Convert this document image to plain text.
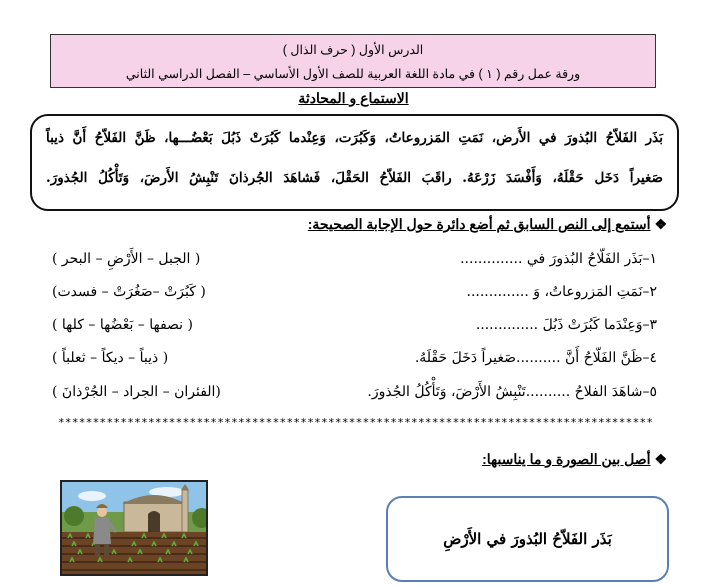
الدرس الأول ( حرف الذال )
ورقة عمل رقم ( ١ ) في مادة اللغة العربية للصف الأول الأساسي – الفصل الدراسي الثاني
الاستماع و المحادثة
بَذَر الفَلاّحُ البُذورَ في الأَرض، نَمَتِ المَزروعاتُ، وَكَبُرَت، وَعِنْدما كَبُرَتْ ذَبُلَ بَعْضُـــها، ظَنَّ الفَلاّحُ أَنَّ ذيباً
صَغيراً دَخَل حَقْلَهُ، وَأَفْسَدَ زَرْعَهُ. راقَبَ الفَلاّحُ الحَقْلَ، فَشاهَدَ الجُرذانَ تَنْبِشُ الأَرضَ، وَتَأْكُلُ الجُذورَ.
❖ أستمع إلى النص السابق ثم أضع دائرة حول الإجابة الصحيحة:
١–بَذَر الفَلّاحُ البُذورَ في ..............
( الجبل – الأَرْضِ – البحر )
٢–نَمَتِ المَزروعاتُ، وَ ..............
( كَبُرَتْ –صَغُرَتْ – فسدت)
٣–وَعِنْدَما كَبُرَتْ ذَبُلَ ..............
( نصفها – بَعْضُها – كلها )
٤–ظَنَّ الفَلّاحُ أَنَّ ..........صَغيراً دَخَلَ حَقْلَهُ.
( ذيباً – ديكاً – ثعلباً )
٥–شاهَدَ الفلاحُ ..........تَنْبِشُ الأَرْضَ، وَتَأْكُلُ الجُذورَ.
(الفئران – الجراد – الجُرْذانَ )
**************************************************************************************
❖ أصل بين الصورة و ما يناسبها:
بَذَر الفَلاّحُ البُذورَ في الأَرْضِ
